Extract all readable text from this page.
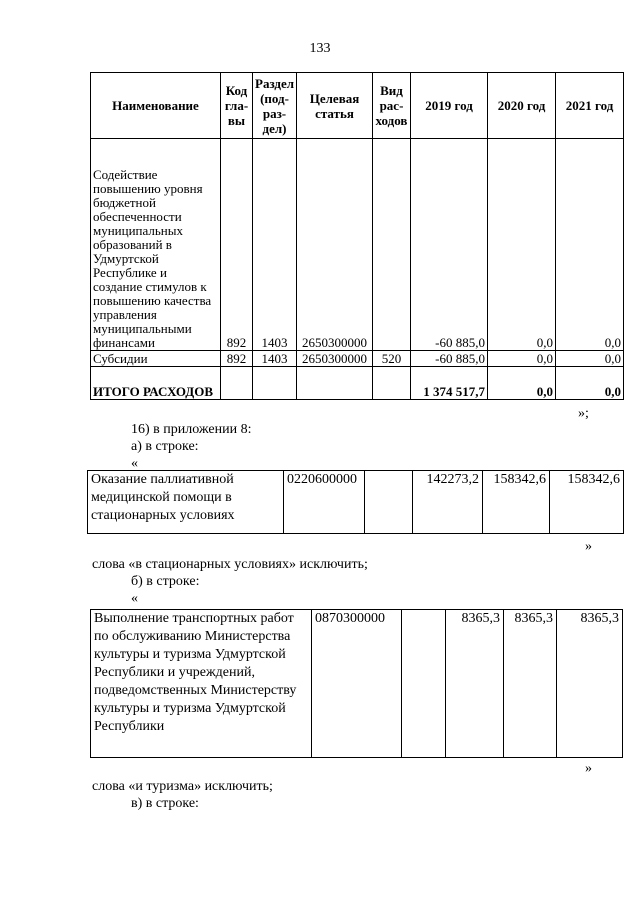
133
Наименование	Код гла- вы	Раздел (под- раз- дел)	Целевая статья	Вид рас- ходов	2019 год	2020 год	2021 год
Содействие повышению уровня бюджетной обеспеченности муниципальных образований в Удмуртской Республике и создание стимулов к повышению качества управления муниципальными финансами	892	1403	2650300000		-60 885,0	0,0	0,0
Субсидии	892	1403	2650300000	520	-60 885,0	0,0	0,0
ИТОГО РАСХОДОВ					1 374 517,7	0,0	0,0
»;
16) в приложении 8:
а) в строке:
«
Оказание паллиативной медицинской помощи в стационарных условиях	0220600000		142273,2	158342,6	158342,6
»
слова «в стационарных условиях» исключить;
б) в строке:
«
Выполнение транспортных работ по обслуживанию Министерства культуры и туризма Удмуртской Республики и учреждений, подведомственных Министерству культуры и туризма Удмуртской Республики	0870300000		8365,3	8365,3	8365,3
»
слова «и туризма» исключить;
в) в строке:
